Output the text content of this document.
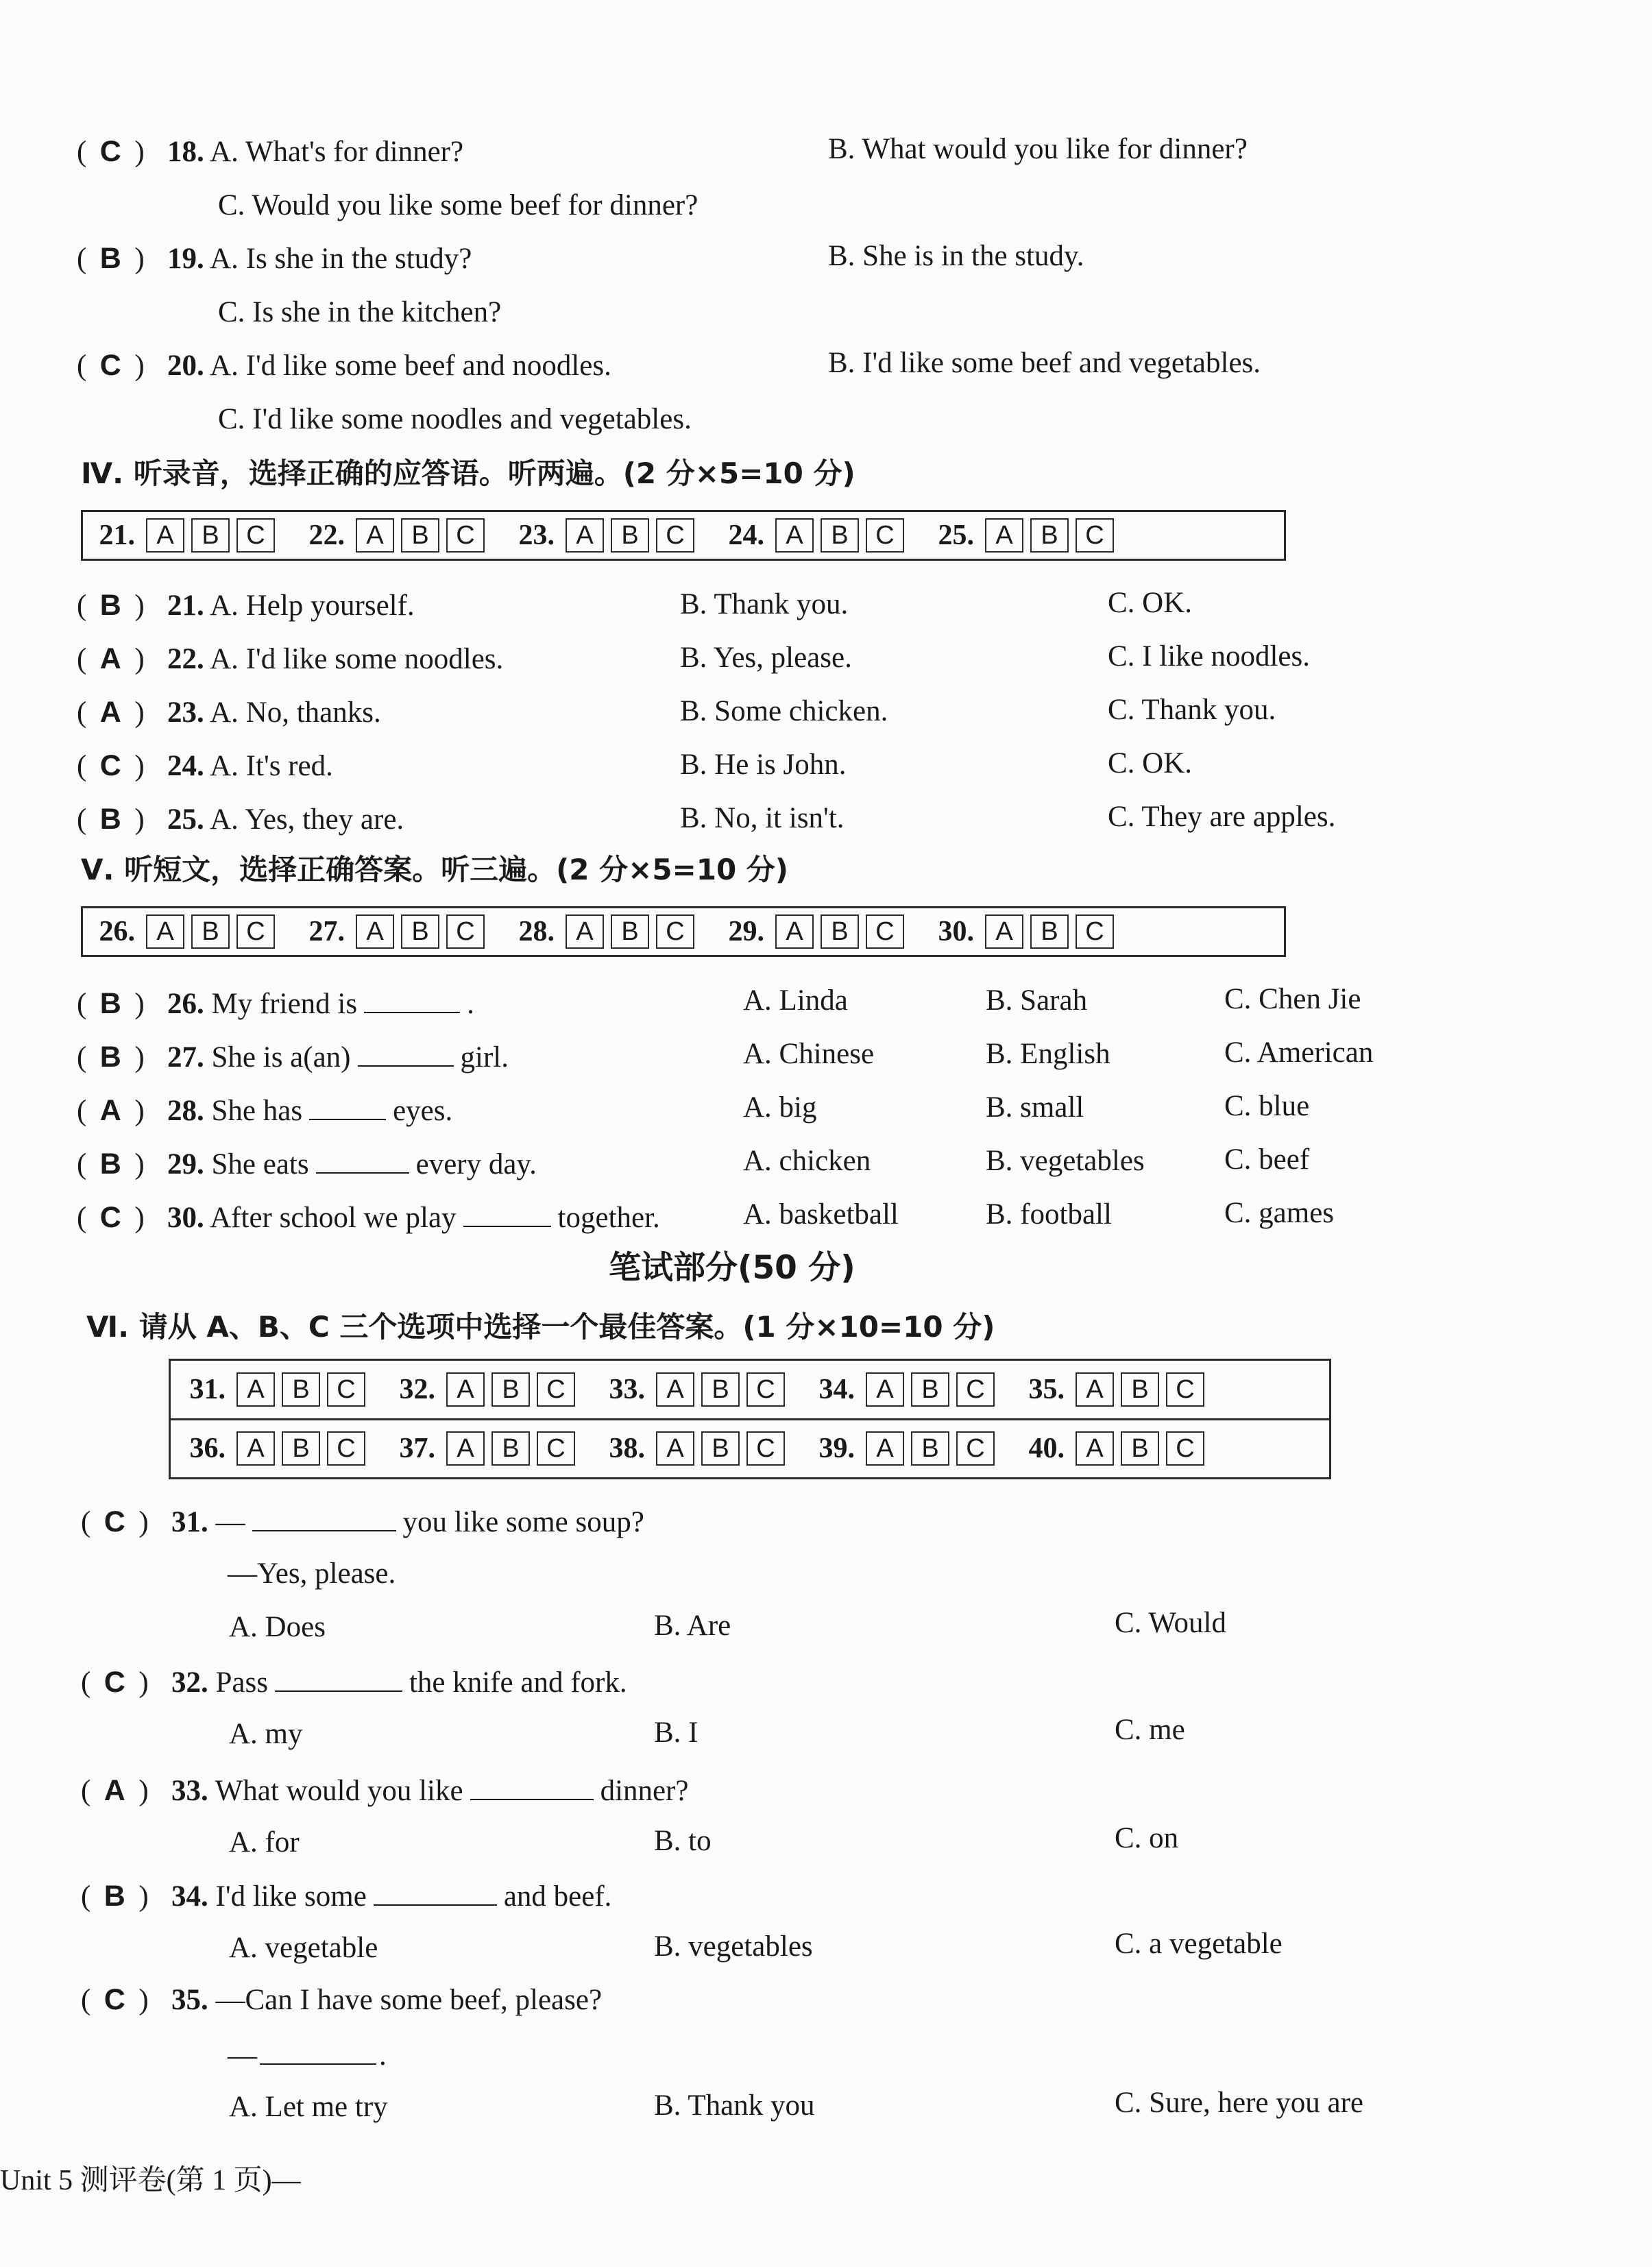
( C ) 18. A. What's for dinner?	B. What would you like for dinner?
C. Would you like some beef for dinner?
( B ) 19. A. Is she in the study?	B. She is in the study.
C. Is she in the kitchen?
( C ) 20. A. I'd like some beef and noodles.	B. I'd like some beef and vegetables.
C. I'd like some noodles and vegetables.
Ⅳ. 听录音，选择正确的应答语。听两遍。(2 分×5=10 分)
21. A	B	C	22. A	B	C	23. A	B	C	24. A	B	C	25. A	B	C
( B ) 21. A. Help yourself.	B. Thank you.	C. OK.
( A ) 22. A. I'd like some noodles.	B. Yes, please.	C. I like noodles.
( A ) 23. A. No, thanks.	B. Some chicken.	C. Thank you.
( C ) 24. A. It's red.	B. He is John.	C. OK.
( B ) 25. A. Yes, they are.	B. No, it isn't.	C. They are apples.
Ⅴ. 听短文，选择正确答案。听三遍。(2 分×5=10 分)
26. A	B	C	27. A	B	C	28. A	B	C	29. A	B	C	30. A	B	C
( B ) 26. My friend is	.	A. Linda	B. Sarah	C. Chen Jie
( B ) 27. She is a(an)	girl.	A. Chinese	B. English	C. American
( A ) 28. She has	eyes.	A. big	B. small	C. blue
( B ) 29. She eats	every day.	A. chicken	B. vegetables	C. beef
( C ) 30. After school we play	together.	A. basketball	B. football	C. games
笔试部分(50 分)
Ⅵ. 请从 A、B、C 三个选项中选择一个最佳答案。(1 分×10=10 分)
31. A	B	C	32. A	B	C	33. A	B	C	34. A	B	C	35. A	B	C
36. A	B	C	37. A	B	C	38. A	B	C	39. A	B	C	40. A	B	C
( C ) 31. —	you like some soup?
—Yes, please.
A. Does	B. Are	C. Would
( C ) 32. Pass	the knife and fork.
A. my	B. I	C. me
( A ) 33. What would you like	dinner?
A. for	B. to	C. on
( B ) 34. I'd like some	and beef.
A. vegetable	B. vegetables	C. a vegetable
( C ) 35. —Can I have some beef, please?
—	.
A. Let me try	B. Thank you	C. Sure, here you are
Unit 5 测评卷(第 1 页)—
